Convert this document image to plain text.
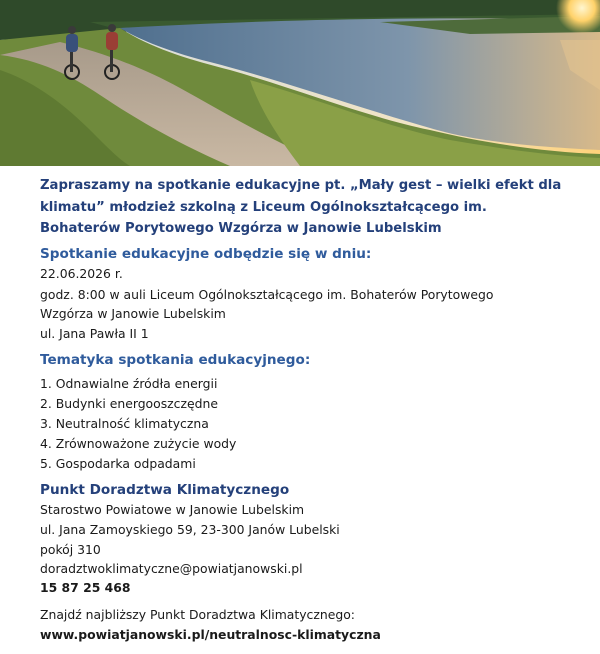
Zapraszamy na spotkanie edukacyjne pt. „Mały gest – wielki efekt dla klimatu” młodzież szkolną z Liceum Ogólnokształcącego im. Bohaterów Porytowego Wzgórza w Janowie Lubelskim
Spotkanie edukacyjne odbędzie się w dniu:
22.06.2026 r.
godz. 8:00 w auli Liceum Ogólnokształcącego im. Bohaterów Porytowego
Wzgórza w Janowie Lubelskim
ul. Jana Pawła II 1
Tematyka spotkania edukacyjnego:
1. Odnawialne źródła energii
2. Budynki energooszczędne
3. Neutralność klimatyczna
4. Zrównoważone zużycie wody
5. Gospodarka odpadami
Punkt Doradztwa Klimatycznego
Starostwo Powiatowe w Janowie Lubelskim
ul. Jana Zamoyskiego 59, 23-300 Janów Lubelski
pokój 310
doradztwoklimatyczne@powiatjanowski.pl
15 87 25 468
Znajdź najbliższy Punkt Doradztwa Klimatycznego:
www.powiatjanowski.pl/neutralnosc-klimatyczna
